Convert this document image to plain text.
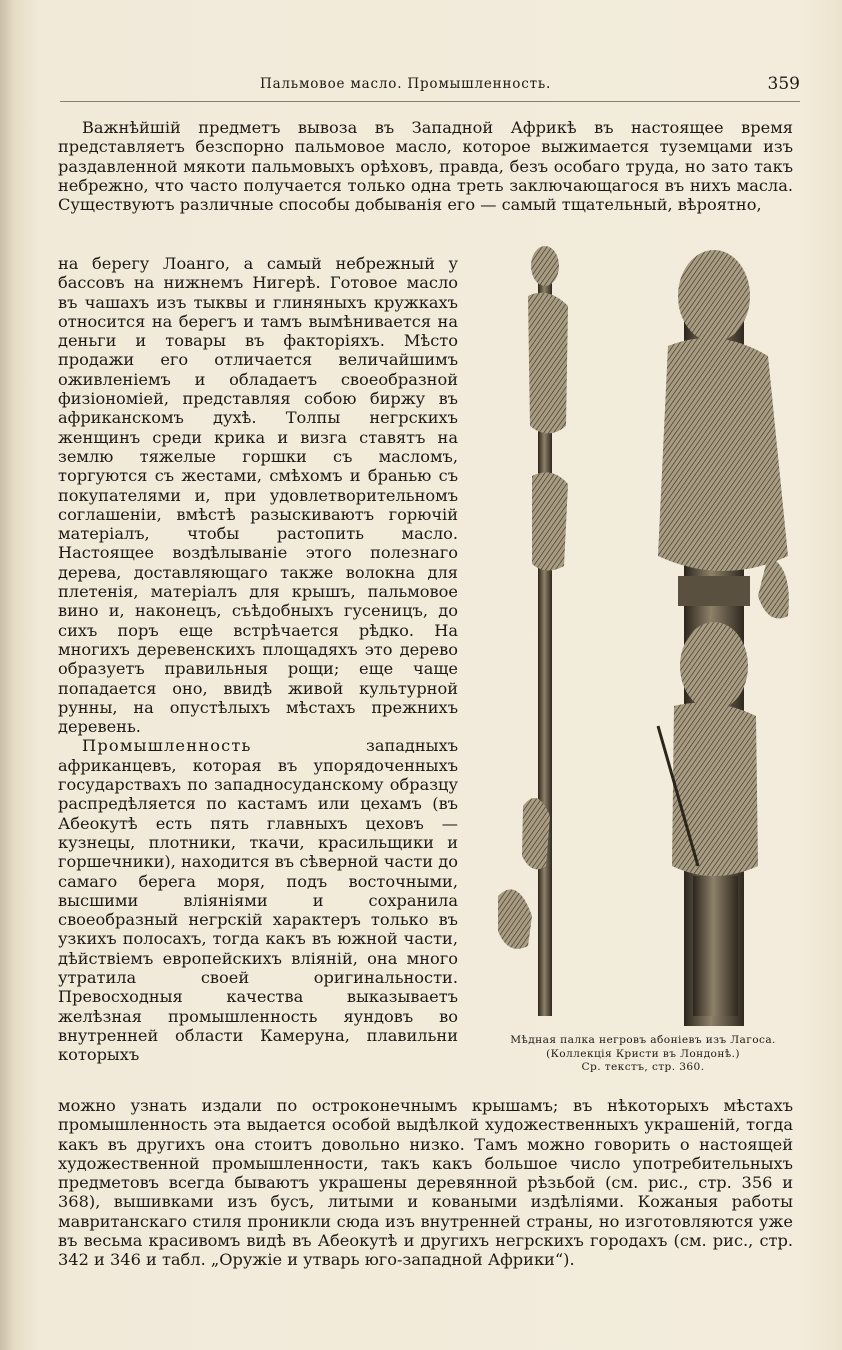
Пальмовое масло. Промышленность.	359

Важнѣйшій предметъ вывоза въ Западной Африкѣ въ настоящее время представляетъ безспорно пальмовое масло, которое выжимается туземцами изъ раздавленной мякоти пальмовыхъ орѣховъ, правда, безъ особаго труда, но зато такъ небрежно, что часто получается только одна треть заключающагося въ нихъ масла. Существуютъ различные способы добыванія его — самый тщательный, вѣроятно,

на берегу Лоанго, а самый небрежный у бассовъ на нижнемъ Нигерѣ. Готовое масло въ чашахъ изъ тыквы и глиняныхъ кружкахъ относится на берегъ и тамъ вымѣнивается на деньги и товары въ факторіяхъ. Мѣсто продажи его отличается величайшимъ оживленіемъ и обладаетъ своеобразной физіономіей, представляя собою биржу въ африканскомъ духѣ. Толпы негрскихъ женщинъ среди крика и визга ставятъ на землю тяжелые горшки съ масломъ, торгуются съ жестами, смѣхомъ и бранью съ покупателями и, при удовлетворительномъ соглашеніи, вмѣстѣ разыскиваютъ горючій матеріалъ, чтобы растопить масло. Настоящее воздѣлываніе этого полезнаго дерева, доставляющаго также волокна для плетенія, матеріалъ для крышъ, пальмовое вино и, наконецъ, съѣдобныхъ гусеницъ, до сихъ поръ еще встрѣчается рѣдко. На многихъ деревенскихъ площадяхъ это дерево образуетъ правильныя рощи; еще чаще попадается оно, ввидѣ живой культурной рунны, на опустѣлыхъ мѣстахъ прежнихъ деревень.

Промышленность западныхъ африканцевъ, которая въ упорядоченныхъ государствахъ по западносуданскому образцу распредѣляется по кастамъ или цехамъ (въ Абеокутѣ есть пять главныхъ цеховъ — кузнецы, плотники, ткачи, красильщики и горшечники), находится въ сѣверной части до самаго берега моря, подъ восточными, высшими вліяніями и сохранила своеобразный негрскій характеръ только въ узкихъ полосахъ, тогда какъ въ южной части, дѣйствіемъ европейскихъ вліяній, она много утратила своей оригинальности. Превосходныя качества выказываетъ желѣзная промышленность яундовъ во внутренней области Камеруна, плавильни которыхъ

можно узнать издали по остроконечнымъ крышамъ; въ нѣкоторыхъ мѣстахъ промышленность эта выдается особой выдѣлкой художественныхъ украшеній, тогда какъ въ другихъ она стоитъ довольно низко. Тамъ можно говорить о настоящей художественной промышленности, такъ какъ большое число употребительныхъ предметовъ всегда бываютъ украшены деревянной рѣзьбой (см. рис., стр. 356 и 368), вышивками изъ бусъ, литыми и коваными издѣліями. Кожаныя работы мавританскаго стиля проникли сюда изъ внутренней страны, но изготовляются уже въ весьма красивомъ видѣ въ Абеокутѣ и другихъ негрскихъ городахъ (см. рис., стр. 342 и 346 и табл. „Оружіе и утварь юго-западной Африки“).

Мѣдная палка негровъ абоніевъ изъ Лагоса. (Коллекція Кристи въ Лондонѣ.)
Ср. текстъ, стр. 360.
